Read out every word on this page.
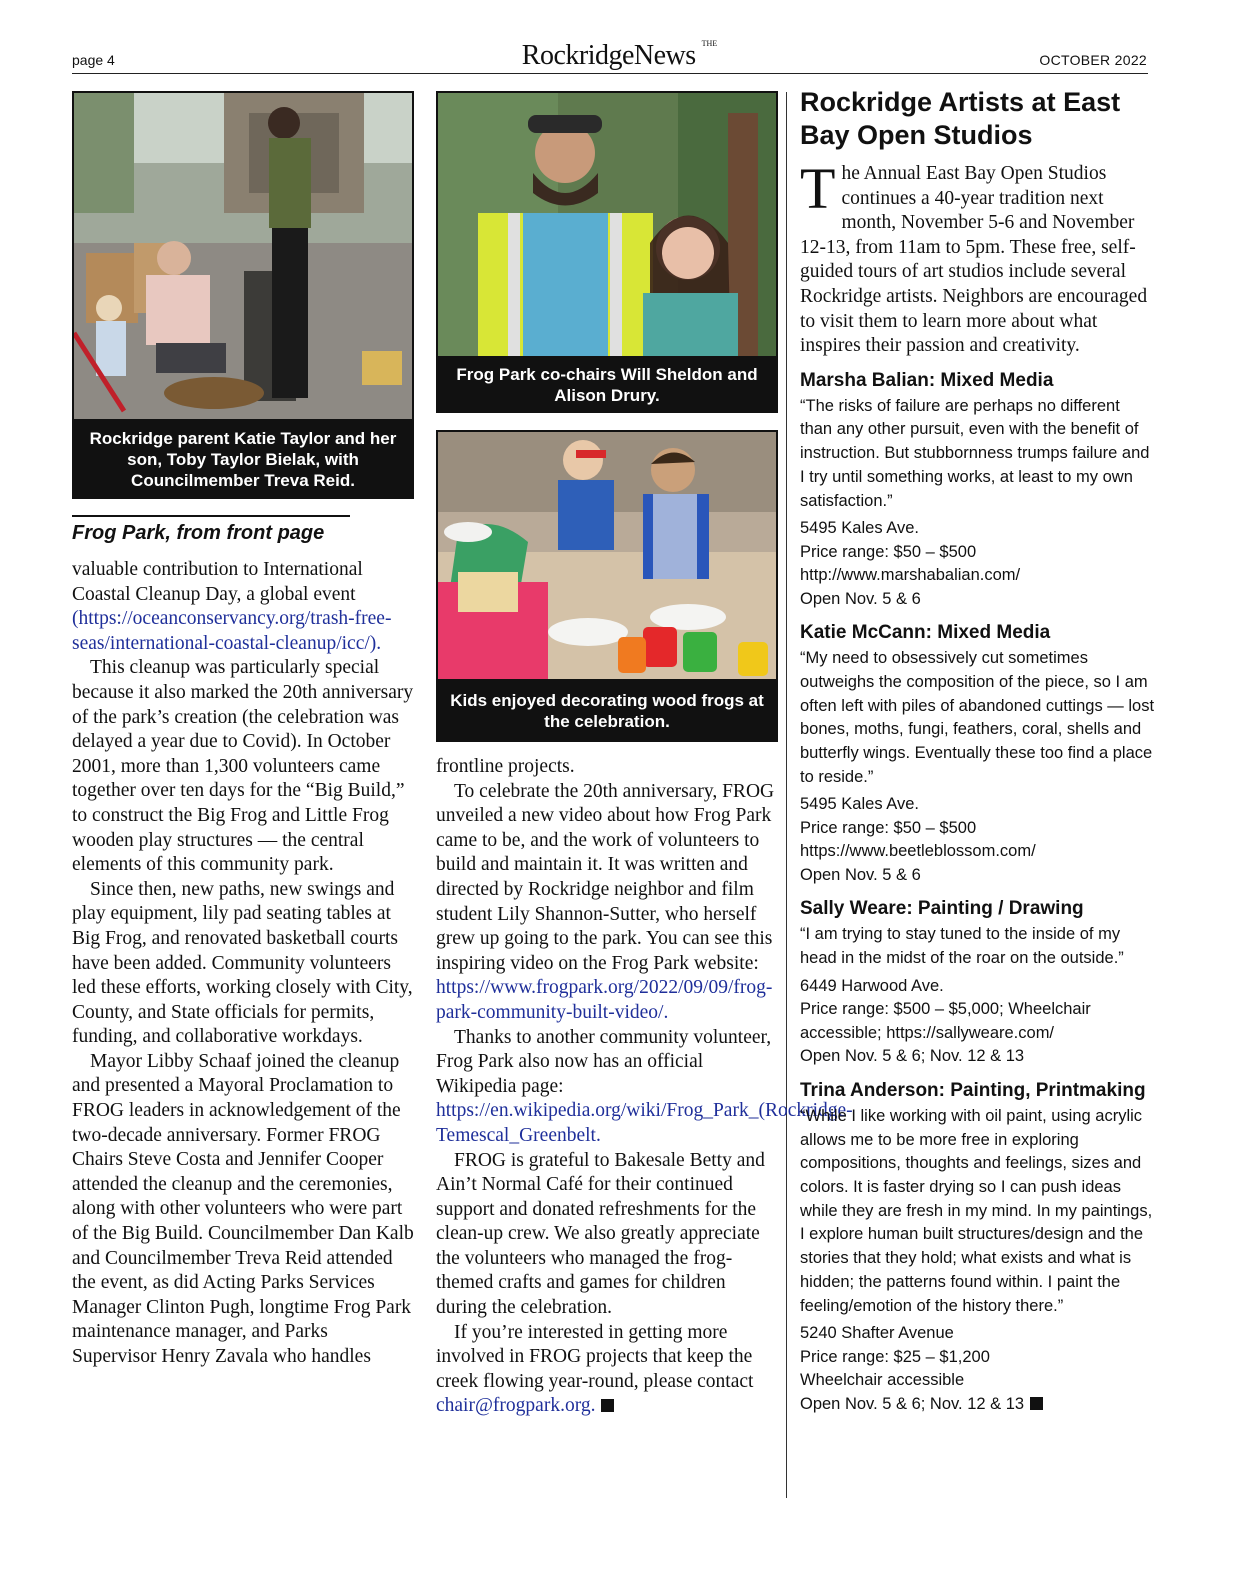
page 4	RockridgeNews $^{THE}$
OCTOBER 2022
Rockridge parent Katie Taylor and her son, Toby Taylor Bielak, with Councilmember Treva Reid.
Frog Park co-chairs Will Sheldon and Alison Drury.
Kids enjoyed decorating wood frogs at the celebration.
Frog Park, from front page

valuable contribution to International Coastal Cleanup Day, a global event (https://oceanconservancy.org/trash-free-seas/international-coastal-cleanup/icc/).

This cleanup was particularly special because it also marked the 20th anniversary of the park’s creation (the celebration was delayed a year due to Covid). In October 2001, more than 1,300 volunteers came together over ten days for the “Big Build,” to construct the Big Frog and Little Frog wooden play structures — the central elements of this community park.

Since then, new paths, new swings and play equipment, lily pad seating tables at Big Frog, and renovated basketball courts have been added. Community volunteers led these efforts, working closely with City, County, and State officials for permits, funding, and collaborative workdays.

Mayor Libby Schaaf joined the cleanup and presented a Mayoral Proclamation to FROG leaders in acknowledgement of the two-decade anniversary. Former FROG Chairs Steve Costa and Jennifer Cooper attended the cleanup and the ceremonies, along with other volunteers who were part of the Big Build. Councilmember Dan Kalb and Councilmember Treva Reid attended the event, as did Acting Parks Services Manager Clinton Pugh, longtime Frog Park maintenance manager, and Parks Supervisor Henry Zavala who handles

frontline projects.

To celebrate the 20th anniversary, FROG unveiled a new video about how Frog Park came to be, and the work of volunteers to build and maintain it. It was written and directed by Rockridge neighbor and film student Lily Shannon-Sutter, who herself grew up going to the park. You can see this inspiring video on the Frog Park website: https://www.frogpark.org/2022/09/09/frog-park-community-built-video/.

Thanks to another community volunteer, Frog Park also now has an official Wikipedia page: https://en.wikipedia.org/wiki/Frog_Park_(Rockridge-Temescal_Greenbelt.

FROG is grateful to Bakesale Betty and Ain’t Normal Café for their continued support and donated refreshments for the clean-up crew. We also greatly appreciate the volunteers who managed the frog-themed crafts and games for children during the celebration.

If you’re interested in getting more involved in FROG projects that keep the creek flowing year-round, please contact chair@frogpark.org.

Rockridge Artists at East Bay Open Studios

The Annual East Bay Open Studios continues a 40-year tradition next month, November 5-6 and November 12-13, from 11am to 5pm. These free, self-guided tours of art studios include several Rockridge artists. Neighbors are encouraged to visit them to learn more about what inspires their passion and creativity.

Marsha Balian: Mixed Media

“The risks of failure are perhaps no different than any other pursuit, even with the benefit of instruction. But stubbornness trumps failure and I try until something works, at least to my own satisfaction.”

5495 Kales Ave.

Price range: $50 – $500

http://www.marshabalian.com/

Open Nov. 5 & 6

Katie McCann: Mixed Media

“My need to obsessively cut sometimes outweighs the composition of the piece, so I am often left with piles of abandoned cuttings — lost bones, moths, fungi, feathers, coral, shells and butterfly wings. Eventually these too find a place to reside.”

5495 Kales Ave.

Price range: $50 – $500

https://www.beetleblossom.com/

Open Nov. 5 & 6

Sally Weare: Painting / Drawing

“I am trying to stay tuned to the inside of my head in the midst of the roar on the outside.”

6449 Harwood Ave.

Price range: $500 – $5,000; Wheelchair accessible; https://sallyweare.com/

Open Nov. 5 & 6; Nov. 12 & 13

Trina Anderson: Painting, Printmaking

“While I like working with oil paint, using acrylic allows me to be more free in exploring compositions, thoughts and feelings, sizes and colors. It is faster drying so I can push ideas while they are fresh in my mind. In my paintings, I explore human built structures/design and the stories that they hold; what exists and what is hidden; the patterns found within. I paint the feeling/emotion of the history there.”

5240 Shafter Avenue

Price range: $25 – $1,200

Wheelchair accessible

Open Nov. 5 & 6; Nov. 12 & 13
